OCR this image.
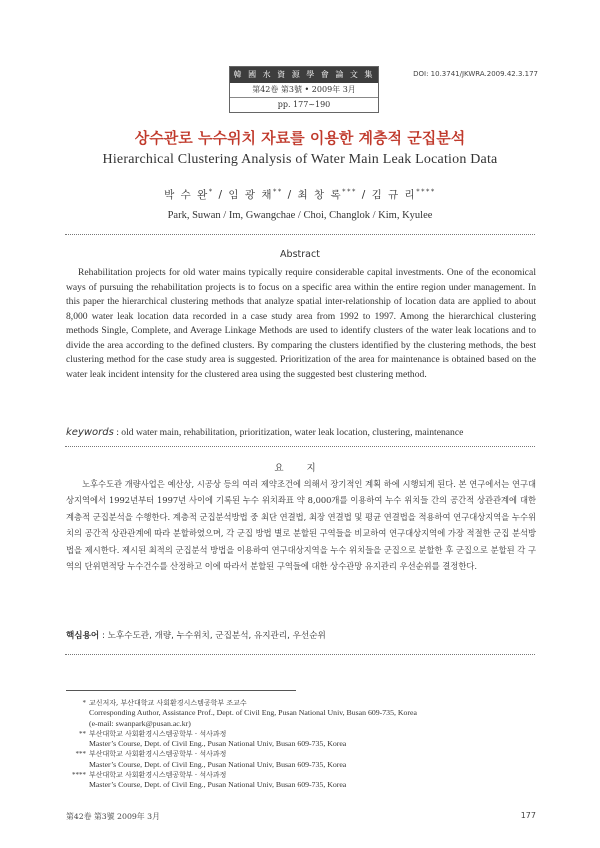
韓 國 水 資 源 學 會 論 文 集
第42卷 第3號 • 2009年 3月
pp. 177~190
DOI: 10.3741/JKWRA.2009.42.3.177
상수관로 누수위치 자료를 이용한 계층적 군집분석
Hierarchical Clustering Analysis of Water Main Leak Location Data
박 수 완* / 임 광 채** / 최 창 록*** / 김 규 리****
Park, Suwan / Im, Gwangchae / Choi, Changlok / Kim, Kyulee
Abstract

Rehabilitation projects for old water mains typically require considerable capital investments. One of the economical ways of pursuing the rehabilitation projects is to focus on a specific area within the entire region under management. In this paper the hierarchical clustering methods that analyze spatial inter-relationship of location data are applied to about 8,000 water leak location data recorded in a case study area from 1992 to 1997. Among the hierarchical clustering methods Single, Complete, and Average Linkage Methods are used to identify clusters of the water leak locations and to divide the area according to the defined clusters. By comparing the clusters identified by the clustering methods, the best clustering method for the case study area is suggested. Prioritization of the area for maintenance is obtained based on the water leak incident intensity for the clustered area using the suggested best clustering method.

keywords : old water main, rehabilitation, prioritization, water leak location, clustering, maintenance
요 지

노후수도관 개량사업은 예산상, 시공상 등의 여러 제약조건에 의해서 장기적인 계획 하에 시행되게 된다. 본 연구에서는 연구대상지역에서 1992년부터 1997년 사이에 기록된 누수 위치좌표 약 8,000개를 이용하여 누수 위치들 간의 공간적 상관관계에 대한 계층적 군집분석을 수행한다. 계층적 군집분석방법 중 최단 연결법, 최장 연결법 및 평균 연결법을 적용하여 연구대상지역을 누수위치의 공간적 상관관계에 따라 분할하였으며, 각 군집 방법 별로 분할된 구역들을 비교하여 연구대상지역에 가장 적절한 군집 분석방법을 제시한다. 제시된 최적의 군집분석 방법을 이용하여 연구대상지역을 누수 위치들을 군집으로 분할한 후 군집으로 분할된 각 구역의 단위면적당 누수건수를 산정하고 이에 따라서 분할된 구역들에 대한 상수관망 유지관리 우선순위를 결정한다.

핵심용어 : 노후수도관, 개량, 누수위치, 군집분석, 유지관리, 우선순위
* 교신저자, 부산대학교 사회환경시스템공학부 조교수
Corresponding Author, Assistance Prof., Dept. of Civil Eng, Pusan National Univ, Busan 609-735, Korea
(e-mail: swanpark@pusan.ac.kr)
** 부산대학교 사회환경시스템공학부 · 석사과정
Master’s Course, Dept. of Civil Eng., Pusan National Univ, Busan 609-735, Korea
*** 부산대학교 사회환경시스템공학부 · 석사과정
Master’s Course, Dept. of Civil Eng., Pusan National Univ, Busan 609-735, Korea
**** 부산대학교 사회환경시스템공학부 · 석사과정
Master’s Course, Dept. of Civil Eng., Pusan National Univ, Busan 609-735, Korea
第42卷 第3號 2009年 3月	177
